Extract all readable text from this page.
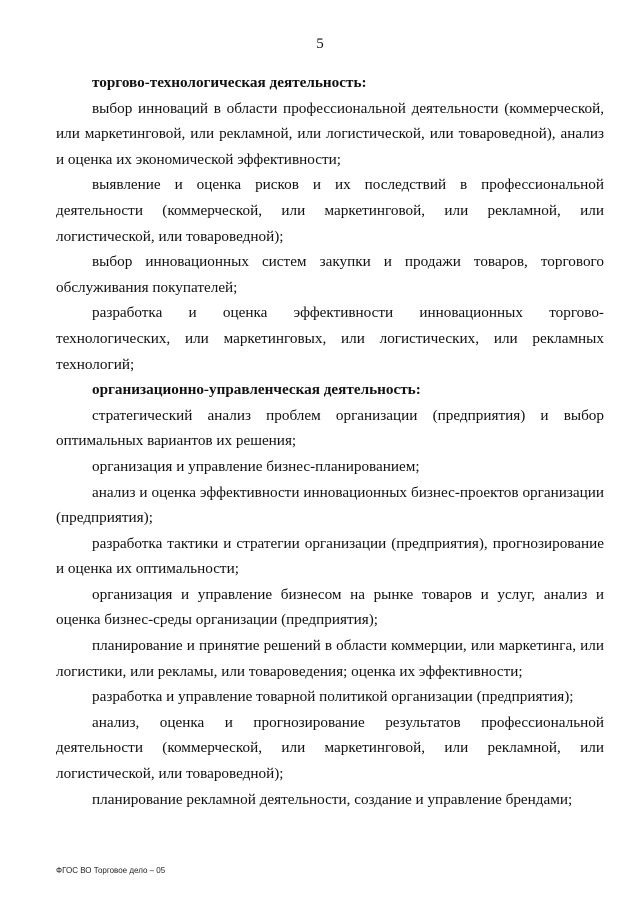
5

торгово-технологическая деятельность:

выбор инноваций в области профессиональной деятельности (коммерческой, или маркетинговой, или рекламной, или логистической, или товароведной), анализ и оценка их экономической эффективности;

выявление и оценка рисков и их последствий в профессиональной деятельности (коммерческой, или маркетинговой, или рекламной, или логистической, или товароведной);

выбор инновационных систем закупки и продажи товаров, торгового обслуживания покупателей;

разработка и оценка эффективности инновационных торгово-технологических, или маркетинговых, или логистических, или рекламных технологий;

организационно-управленческая деятельность:

стратегический анализ проблем организации (предприятия) и выбор оптимальных вариантов их решения;

организация и управление бизнес-планированием;

анализ и оценка эффективности инновационных бизнес-проектов организации (предприятия);

разработка тактики и стратегии организации (предприятия), прогнозирование и оценка их оптимальности;

организация и управление бизнесом на рынке товаров и услуг, анализ и оценка бизнес-среды организации (предприятия);

планирование и принятие решений в области коммерции, или маркетинга, или логистики, или рекламы, или товароведения; оценка их эффективности;

разработка и управление товарной политикой организации (предприятия);

анализ, оценка и прогнозирование результатов профессиональной деятельности (коммерческой, или маркетинговой, или рекламной, или логистической, или товароведной);

планирование рекламной деятельности, создание и управление брендами;

ФГОС ВО Торговое дело – 05
